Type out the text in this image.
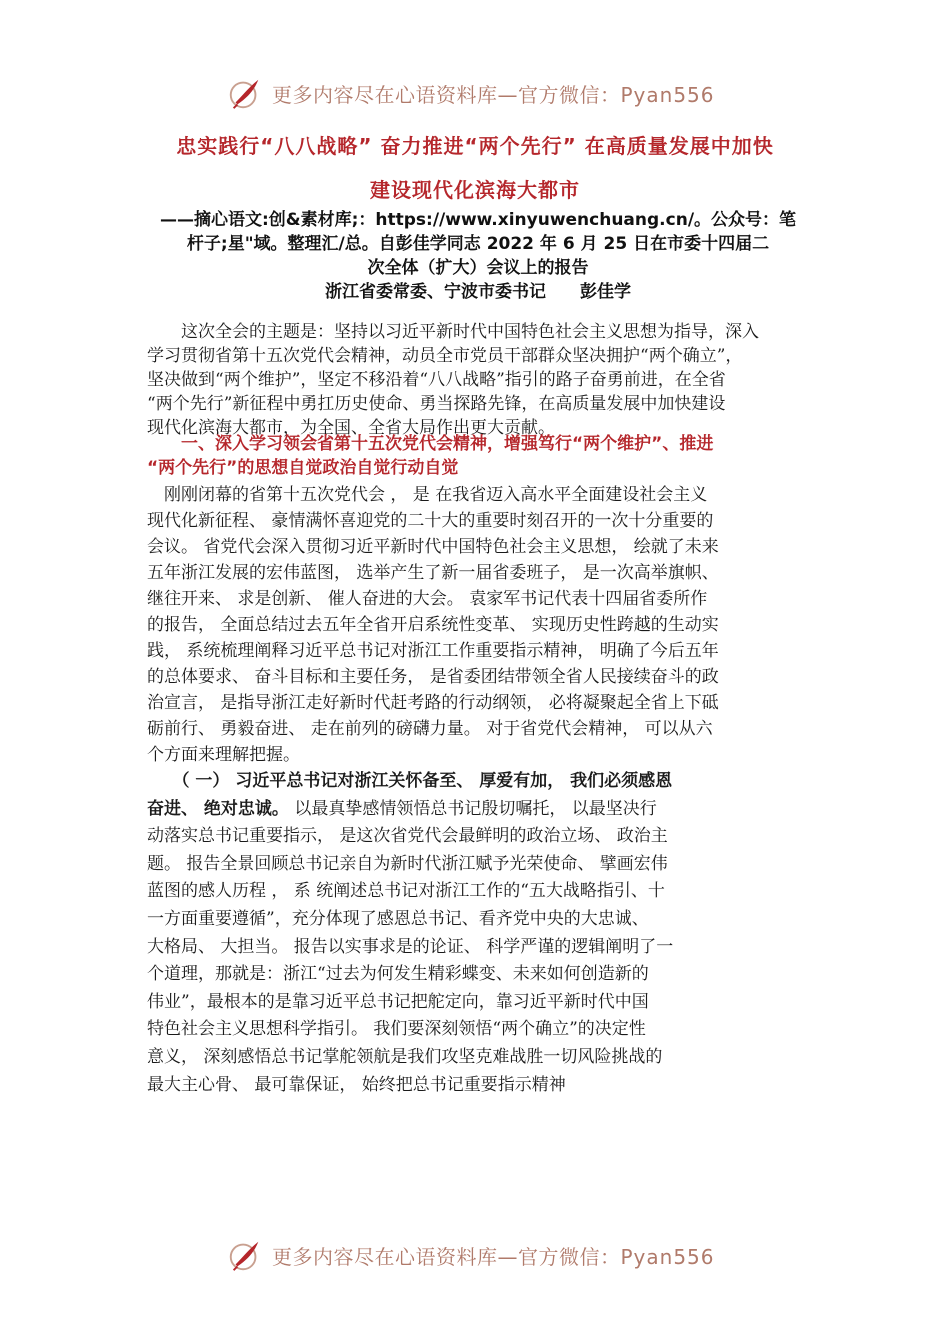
更多内容尽在心语资料库—官方微信：Pyan556
忠实践行“八八战略” 奋力推进“两个先行” 在高质量发展中加快
建设现代化滨海大都市
——摘心语文:创&素材库;：https://www.xinyuwenchuang.cn/。公众号：笔
杆子;星"域。整理汇/总。自彭佳学同志 2022 年 6 月 25 日在市委十四届二
次全体（扩大）会议上的报告
浙江省委常委、宁波市委书记　　彭佳学

　　这次全会的主题是：坚持以习近平新时代中国特色社会主义思想为指导，深入
学习贯彻省第十五次党代会精神，动员全市党员干部群众坚决拥护“两个确立”，
坚决做到“两个维护”，坚定不移沿着“八八战略”指引的路子奋勇前进，在全省
“两个先行”新征程中勇扛历史使命、勇当探路先锋，在高质量发展中加快建设
现代化滨海大都市，为全国、全省大局作出更大贡献。

　　一、深入学习领会省第十五次党代会精神，增强笃行“两个维护”、推进
“两个先行”的思想自觉政治自觉行动自觉

　刚刚闭幕的省第十五次党代会 ， 是 在我省迈入高水平全面建设社会主义
现代化新征程、 豪情满怀喜迎党的二十大的重要时刻召开的一次十分重要的
会议。 省党代会深入贯彻习近平新时代中国特色社会主义思想， 绘就了未来
五年浙江发展的宏伟蓝图， 选举产生了新一届省委班子， 是一次高举旗帜、
继往开来、 求是创新、 催人奋进的大会。 袁家军书记代表十四届省委所作
的报告， 全面总结过去五年全省开启系统性变革、 实现历史性跨越的生动实
践， 系统梳理阐释习近平总书记对浙江工作重要指示精神， 明确了今后五年
的总体要求、 奋斗目标和主要任务， 是省委团结带领全省人民接续奋斗的政
治宣言， 是指导浙江走好新时代赶考路的行动纲领， 必将凝聚起全省上下砥
砺前行、 勇毅奋进、 走在前列的磅礴力量。 对于省党代会精神， 可以从六
个方面来理解把握。

　　（ 一） 习近平总书记对浙江关怀备至、 厚爱有加， 我们必须感恩
奋进、 绝对忠诚。 以最真挚感情领悟总书记殷切嘱托， 以最坚决行
动落实总书记重要指示， 是这次省党代会最鲜明的政治立场、 政治主
题。 报告全景回顾总书记亲自为新时代浙江赋予光荣使命、 擘画宏伟
蓝图的感人历程 ， 系 统阐述总书记对浙江工作的“五大战略指引、十
一方面重要遵循”，充分体现了感恩总书记、看齐党中央的大忠诚、
大格局、 大担当。 报告以实事求是的论证、 科学严谨的逻辑阐明了一
个道理，那就是：浙江“过去为何发生精彩蝶变、未来如何创造新的
伟业”，最根本的是靠习近平总书记把舵定向，靠习近平新时代中国
特色社会主义思想科学指引。 我们要深刻领悟“两个确立”的决定性
意义， 深刻感悟总书记掌舵领航是我们攻坚克难战胜一切风险挑战的
最大主心骨、 最可靠保证， 始终把总书记重要指示精神

更多内容尽在心语资料库—官方微信：Pyan556
